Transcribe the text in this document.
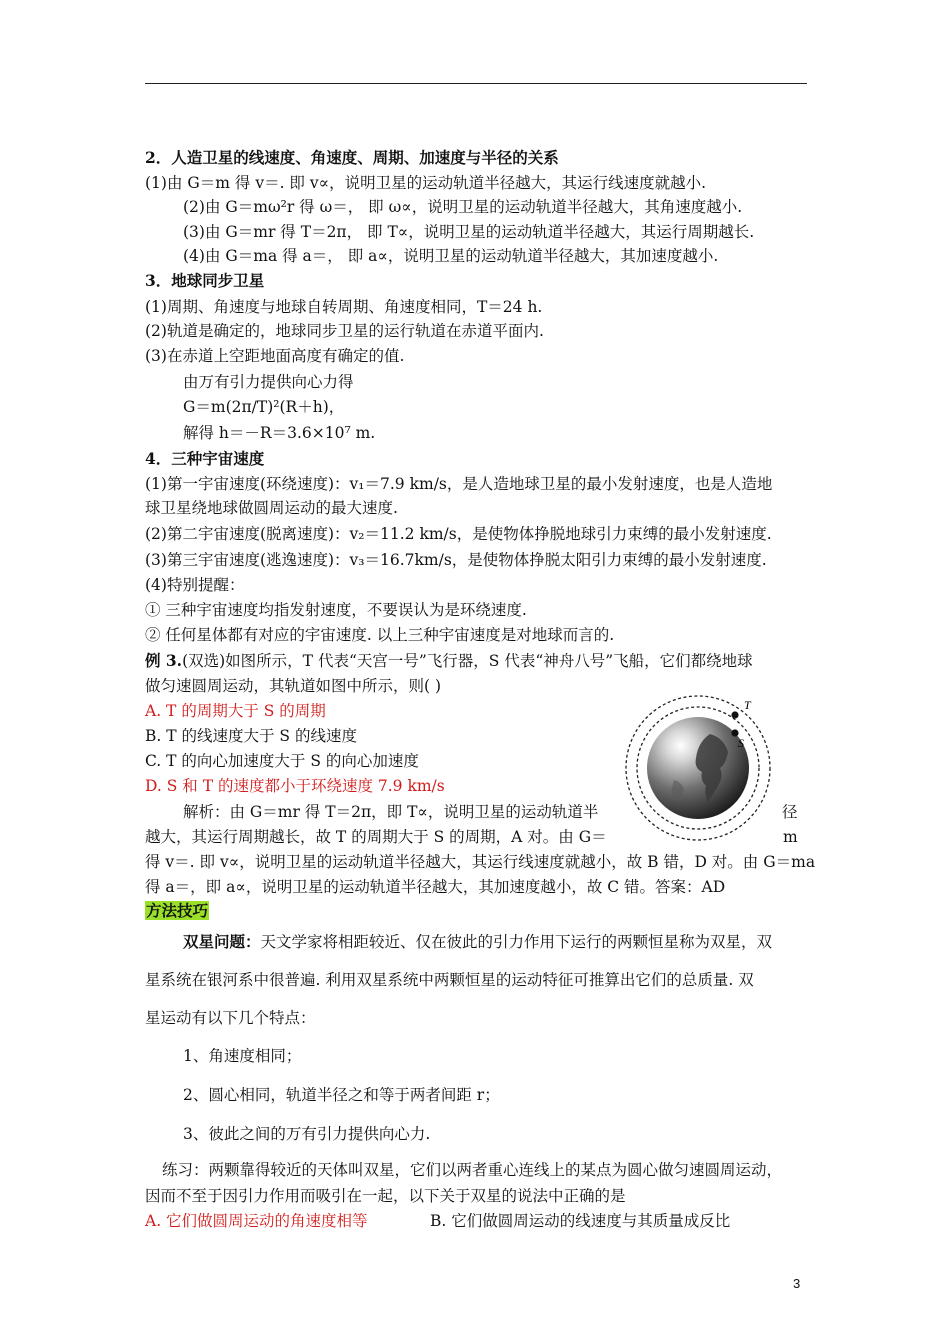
2．人造卫星的线速度、角速度、周期、加速度与半径的关系
(1)由 G＝m 得 v＝. 即 v∝，说明卫星的运动轨道半径越大，其运行线速度就越小.
(2)由 G＝mω²r 得 ω＝， 即 ω∝，说明卫星的运动轨道半径越大，其角速度越小.
(3)由 G＝mr 得 T＝2π， 即 T∝，说明卫星的运动轨道半径越大，其运行周期越长.
(4)由 G＝ma 得 a＝， 即 a∝，说明卫星的运动轨道半径越大，其加速度越小.
3．地球同步卫星
(1)周期、角速度与地球自转周期、角速度相同，T＝24 h.
(2)轨道是确定的，地球同步卫星的运行轨道在赤道平面内.
(3)在赤道上空距地面高度有确定的值.
由万有引力提供向心力得
G＝m(2π/T)²(R＋h)，
解得 h＝－R＝3.6×10⁷ m.
4．三种宇宙速度
(1)第一宇宙速度(环绕速度)：v₁＝7.9 km/s，是人造地球卫星的最小发射速度，也是人造地
球卫星绕地球做圆周运动的最大速度.
(2)第二宇宙速度(脱离速度)：v₂＝11.2 km/s，是使物体挣脱地球引力束缚的最小发射速度.
(3)第三宇宙速度(逃逸速度)：v₃＝16.7km/s，是使物体挣脱太阳引力束缚的最小发射速度.
(4)特别提醒：
① 三种宇宙速度均指发射速度，不要误认为是环绕速度.
② 任何星体都有对应的宇宙速度. 以上三种宇宙速度是对地球而言的.
例 3.(双选)如图所示，T 代表“天宫一号”飞行器，S 代表“神舟八号”飞船，它们都绕地球
做匀速圆周运动，其轨道如图中所示，则( )
A. T 的周期大于 S 的周期
B. T 的线速度大于 S 的线速度
C. T 的向心加速度大于 S 的向心加速度
D. S 和 T 的速度都小于环绕速度 7.9 km/s
解析：由 G＝mr 得 T＝2π，即 T∝，说明卫星的运动轨道半	径
越大，其运行周期越长，故 T 的周期大于 S 的周期，A 对。由 G＝	m
得 v＝. 即 v∝，说明卫星的运动轨道半径越大，其运行线速度就越小，故 B 错，D 对。由 G＝ma
得 a＝，即 a∝，说明卫星的运动轨道半径越大，其加速度越小，故 C 错。答案：AD
T
S
方法技巧
双星问题：天文学家将相距较近、仅在彼此的引力作用下运行的两颗恒星称为双星，双
星系统在银河系中很普遍. 利用双星系统中两颗恒星的运动特征可推算出它们的总质量. 双
星运动有以下几个特点：
1、角速度相同；
2、圆心相同，轨道半径之和等于两者间距 r；
3、彼此之间的万有引力提供向心力.
练习：两颗靠得较近的天体叫双星，它们以两者重心连线上的某点为圆心做匀速圆周运动，
因而不至于因引力作用而吸引在一起，以下关于双星的说法中正确的是
A. 它们做圆周运动的角速度相等	B. 它们做圆周运动的线速度与其质量成反比
3
